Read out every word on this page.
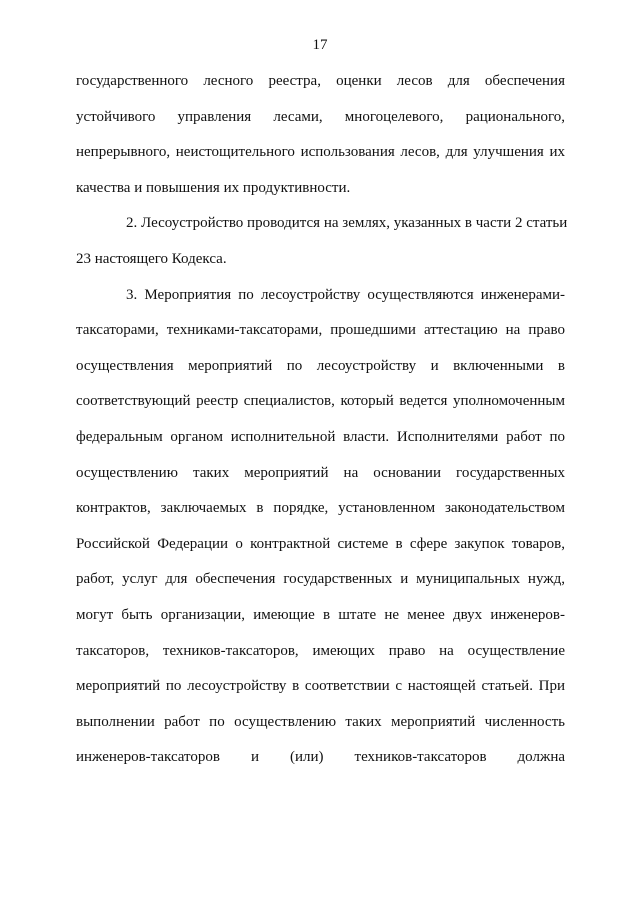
17
государственного лесного реестра, оценки лесов для обеспечения
устойчивого управления лесами, многоцелевого, рационального,
непрерывного, неистощительного использования лесов, для улучшения их
качества и повышения их продуктивности.
2. Лесоустройство проводится на землях, указанных в части 2 статьи
23 настоящего Кодекса.
3. Мероприятия по лесоустройству осуществляются инженерами-
таксаторами, техниками-таксаторами, прошедшими аттестацию на право
осуществления мероприятий по лесоустройству и включенными в
соответствующий реестр специалистов, который ведется уполномоченным
федеральным органом исполнительной власти. Исполнителями работ по
осуществлению таких мероприятий на основании государственных
контрактов, заключаемых в порядке, установленном законодательством
Российской Федерации о контрактной системе в сфере закупок товаров,
работ, услуг для обеспечения государственных и муниципальных нужд,
могут быть организации, имеющие в штате не менее двух инженеров-
таксаторов, техников-таксаторов, имеющих право на осуществление
мероприятий по лесоустройству в соответствии с настоящей статьей. При
выполнении работ по осуществлению таких мероприятий численность
инженеров-таксаторов и (или) техников-таксаторов должна
